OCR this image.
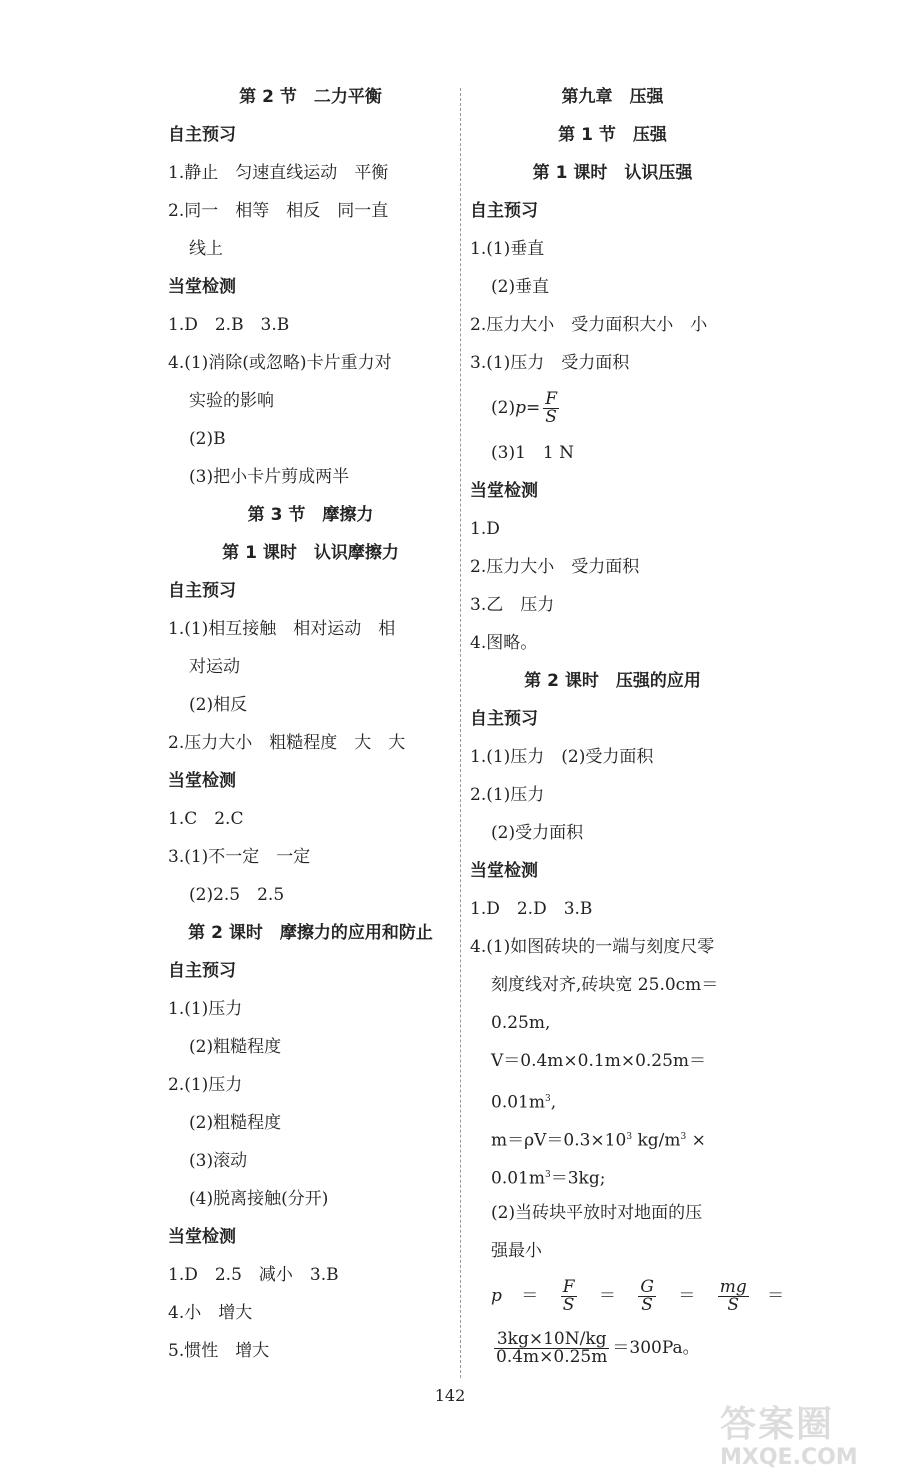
第 2 节　二力平衡
自主预习
1.静止　匀速直线运动　平衡
2.同一　相等　相反　同一直
线上
当堂检测
1.D　2.B　3.B
4.(1)消除(或忽略)卡片重力对
实验的影响
(2)B
(3)把小卡片剪成两半
第 3 节　摩擦力
第 1 课时　认识摩擦力
自主预习
1.(1)相互接触　相对运动　相
对运动
(2)相反
2.压力大小　粗糙程度　大　大
当堂检测
1.C　2.C
3.(1)不一定　一定
(2)2.5　2.5
第 2 课时　摩擦力的应用和防止
自主预习
1.(1)压力
(2)粗糙程度
2.(1)压力
(2)粗糙程度
(3)滚动
(4)脱离接触(分开)
当堂检测
1.D　2.5　减小　3.B
4.小　增大
5.惯性　增大
第九章　压强
第 1 节　压强
第 1 课时　认识压强
自主预习
1.(1)垂直
(2)垂直
2.压力大小　受力面积大小　小
3.(1)压力　受力面积
$(2)p= \frac{F}{S}$
(3)1　1 N
当堂检测
1.D
2.压力大小　受力面积
3.乙　压力
4.图略。
第 2 课时　压强的应用
自主预习
1.(1)压力　(2)受力面积
2.(1)压力
(2)受力面积
当堂检测
1.D　2.D　3.B
4.(1)如图砖块的一端与刻度尺零
刻度线对齐,砖块宽 25.0cm＝
0.25m,
V＝0.4m×0.1m×0.25m＝
$0.01m^3$,
$m=\rho V=0.3\times 10^3$ $kg/m^3$ ×
$0.01m^3=3kg$;
(2)当砖块平放时对地面的压
强最小
$p = \frac{F}{S} = \frac{G}{S} = \frac{mg}{S}$ ＝
$\frac{3kg\times 10N/kg}{0.4m\times 0.25m} =300Pa$。
142
答案圈
MXQE.COM
